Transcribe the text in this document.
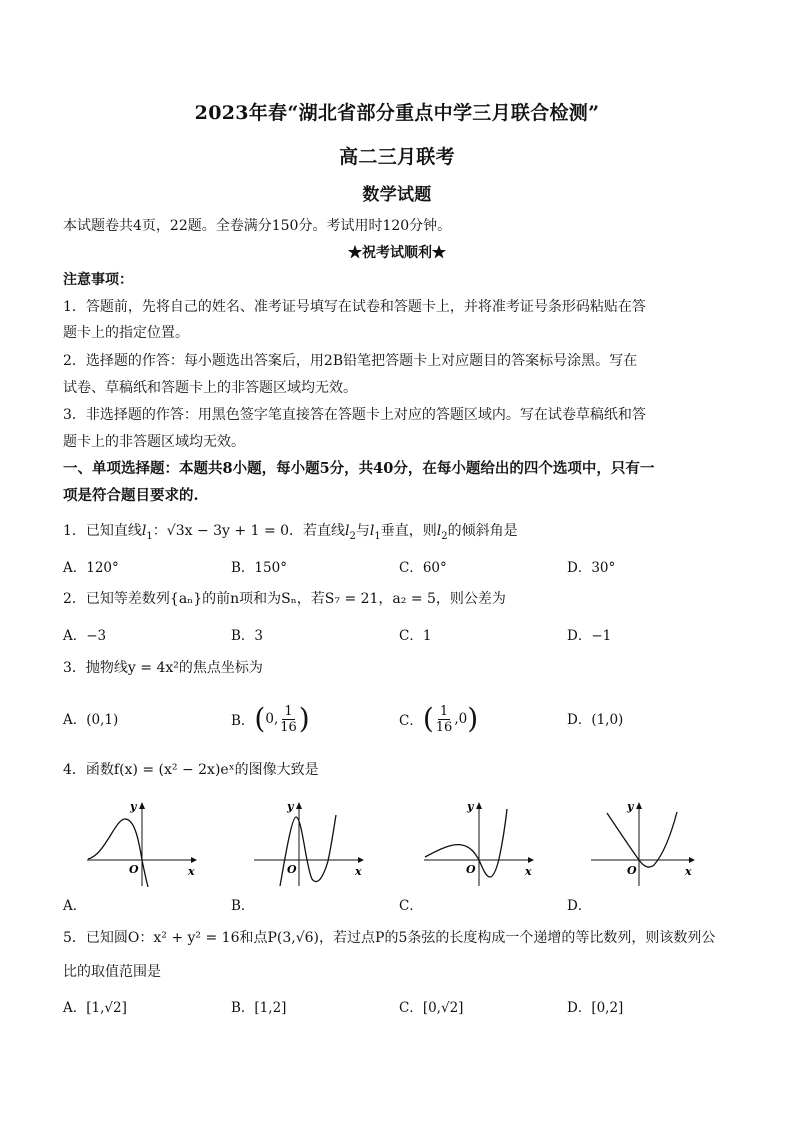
2023年春“湖北省部分重点中学三月联合检测”
高二三月联考
数学试题
本试题卷共4页，22题。全卷满分150分。考试用时120分钟。
★祝考试顺利★
注意事项：
1．答题前，先将自己的姓名、准考证号填写在试卷和答题卡上，并将准考证号条形码粘贴在答
题卡上的指定位置。
2．选择题的作答：每小题选出答案后，用2B铅笔把答题卡上对应题目的答案标号涂黑。写在
试卷、草稿纸和答题卡上的非答题区域均无效。
3．非选择题的作答：用黑色签字笔直接答在答题卡上对应的答题区域内。写在试卷草稿纸和答
题卡上的非答题区域均无效。
一、单项选择题：本题共8小题，每小题5分，共40分，在每小题给出的四个选项中，只有一
项是符合题目要求的.
1．已知直线$l_1$：√3x − 3y + 1 = 0．若直线$l_2$与$l_1$垂直，则$l_2$的倾斜角是
A．120°	B．150°	C．60°	D．30°
2．已知等差数列{aₙ}的前n项和为Sₙ，若S₇ = 21，a₂ = 5，则公差为
A．−3	B．3	C．1	D．−1
3．抛物线y = 4x²的焦点坐标为
A．(0,1)	B． ( 0, $\frac{1}{16}$ )	C． ( $\frac{1}{16} ,0$ )	D．(1,0)
4．函数f(x) = (x² − 2x)eˣ的图像大致是
y
x
O
A．
y
x
O
B．
y
x
O
C．
y
x
O
D．
5．已知圆O：x² + y² = 16和点P(3,√6)，若过点P的5条弦的长度构成一个递增的等比数列，则该数列公
比的取值范围是
A．[1,√2]	B．[1,2]	C．[0,√2]	D．[0,2]
